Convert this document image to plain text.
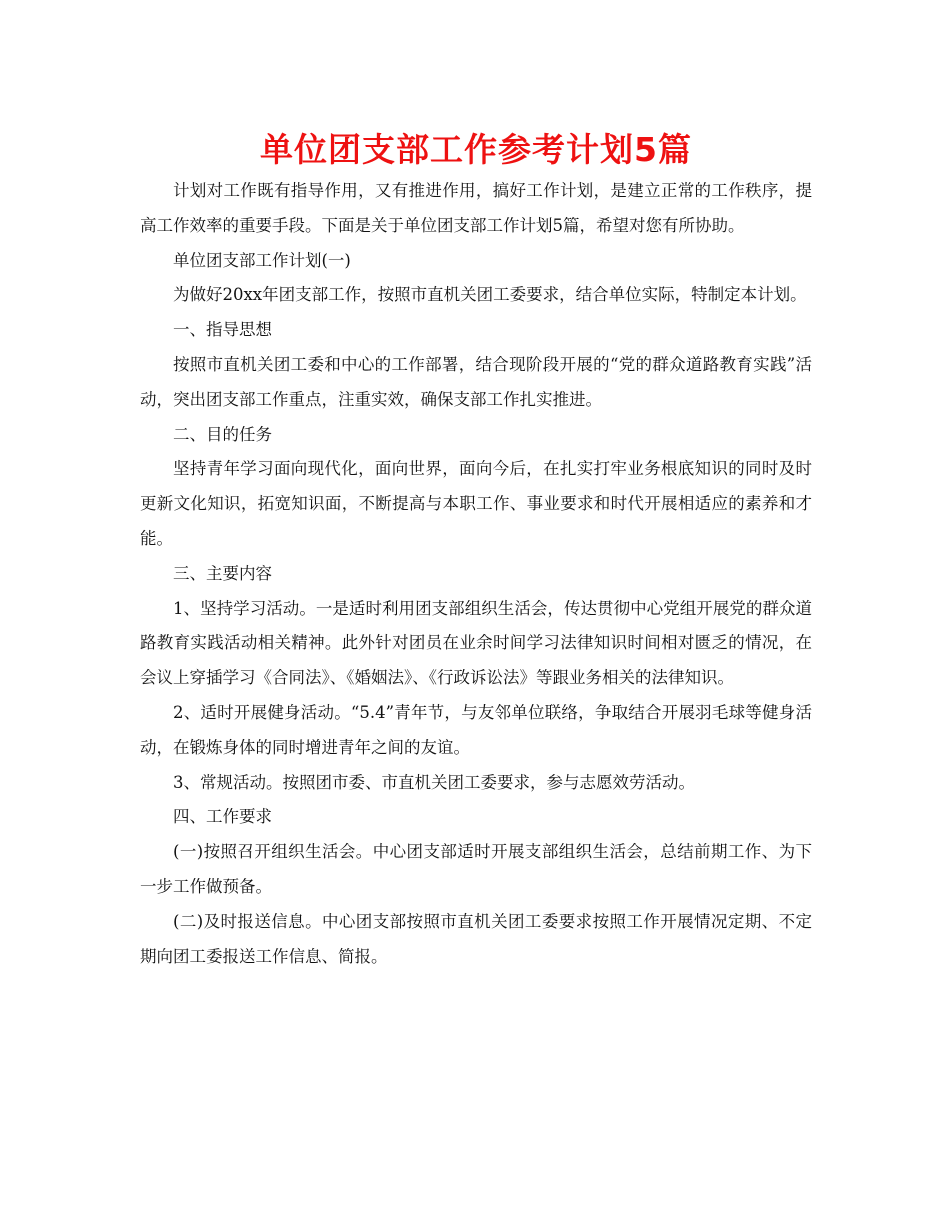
单位团支部工作参考计划5篇

计划对工作既有指导作用，又有推进作用，搞好工作计划，是建立正常的工作秩序，提高工作效率的重要手段。下面是关于单位团支部工作计划5篇，希望对您有所协助。

单位团支部工作计划(一)

为做好20xx年团支部工作，按照市直机关团工委要求，结合单位实际，特制定本计划。

一、指导思想

按照市直机关团工委和中心的工作部署，结合现阶段开展的“党的群众道路教育实践”活动，突出团支部工作重点，注重实效，确保支部工作扎实推进。

二、目的任务

坚持青年学习面向现代化，面向世界，面向今后，在扎实打牢业务根底知识的同时及时更新文化知识，拓宽知识面，不断提高与本职工作、事业要求和时代开展相适应的素养和才能。

三、主要内容

1、坚持学习活动。一是适时利用团支部组织生活会，传达贯彻中心党组开展党的群众道路教育实践活动相关精神。此外针对团员在业余时间学习法律知识时间相对匮乏的情况，在会议上穿插学习《合同法》、《婚姻法》、《行政诉讼法》等跟业务相关的法律知识。

2、适时开展健身活动。“5.4”青年节，与友邻单位联络，争取结合开展羽毛球等健身活动，在锻炼身体的同时增进青年之间的友谊。

3、常规活动。按照团市委、市直机关团工委要求，参与志愿效劳活动。

四、工作要求

(一)按照召开组织生活会。中心团支部适时开展支部组织生活会，总结前期工作、为下一步工作做预备。

(二)及时报送信息。中心团支部按照市直机关团工委要求按照工作开展情况定期、不定期向团工委报送工作信息、简报。
